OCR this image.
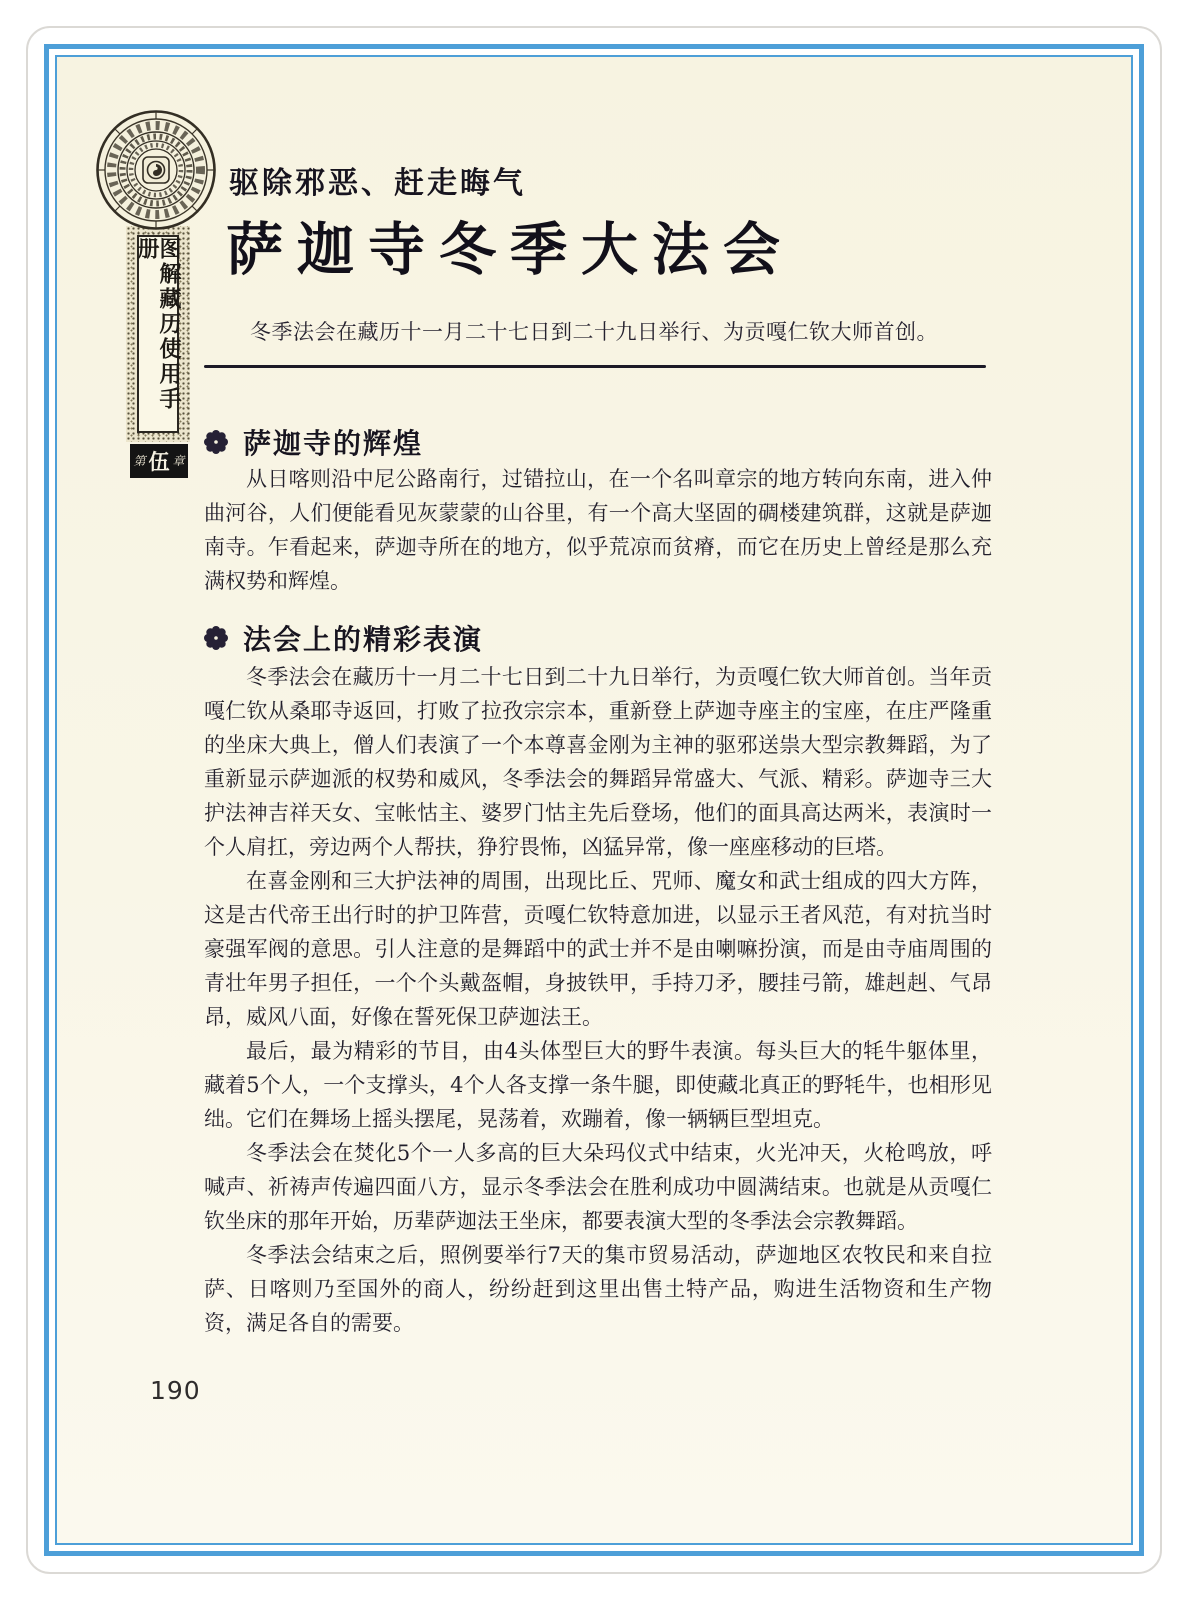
图解藏历使用手册
第 伍 章
驱除邪恶、赶走晦气
萨迦寺冬季大法会
冬季法会在藏历十一月二十七日到二十九日举行、为贡嘎仁钦大师首创。
萨迦寺的辉煌

从日喀则沿中尼公路南行，过错拉山，在一个名叫章宗的地方转向东南，进入仲曲河谷，人们便能看见灰蒙蒙的山谷里，有一个高大坚固的碉楼建筑群，这就是萨迦南寺。乍看起来，萨迦寺所在的地方，似乎荒凉而贫瘠，而它在历史上曾经是那么充满权势和辉煌。

法会上的精彩表演

冬季法会在藏历十一月二十七日到二十九日举行，为贡嘎仁钦大师首创。当年贡嘎仁钦从桑耶寺返回，打败了拉孜宗宗本，重新登上萨迦寺座主的宝座，在庄严隆重的坐床大典上，僧人们表演了一个本尊喜金刚为主神的驱邪送祟大型宗教舞蹈，为了重新显示萨迦派的权势和威风，冬季法会的舞蹈异常盛大、气派、精彩。萨迦寺三大护法神吉祥天女、宝帐怙主、婆罗门怙主先后登场，他们的面具高达两米，表演时一个人肩扛，旁边两个人帮扶，狰狞畏怖，凶猛异常，像一座座移动的巨塔。

在喜金刚和三大护法神的周围，出现比丘、咒师、魔女和武士组成的四大方阵，这是古代帝王出行时的护卫阵营，贡嘎仁钦特意加进，以显示王者风范，有对抗当时豪强军阀的意思。引人注意的是舞蹈中的武士并不是由喇嘛扮演，而是由寺庙周围的青壮年男子担任，一个个头戴盔帽，身披铁甲，手持刀矛，腰挂弓箭，雄赳赳、气昂昂，威风八面，好像在誓死保卫萨迦法王。

最后，最为精彩的节目，由4头体型巨大的野牛表演。每头巨大的牦牛躯体里，藏着5个人，一个支撑头，4个人各支撑一条牛腿，即使藏北真正的野牦牛，也相形见绌。它们在舞场上摇头摆尾，晃荡着，欢蹦着，像一辆辆巨型坦克。

冬季法会在焚化5个一人多高的巨大朵玛仪式中结束，火光冲天，火枪鸣放，呼喊声、祈祷声传遍四面八方，显示冬季法会在胜利成功中圆满结束。也就是从贡嘎仁钦坐床的那年开始，历辈萨迦法王坐床，都要表演大型的冬季法会宗教舞蹈。

冬季法会结束之后，照例要举行7天的集市贸易活动，萨迦地区农牧民和来自拉萨、日喀则乃至国外的商人，纷纷赶到这里出售土特产品，购进生活物资和生产物资，满足各自的需要。

190
